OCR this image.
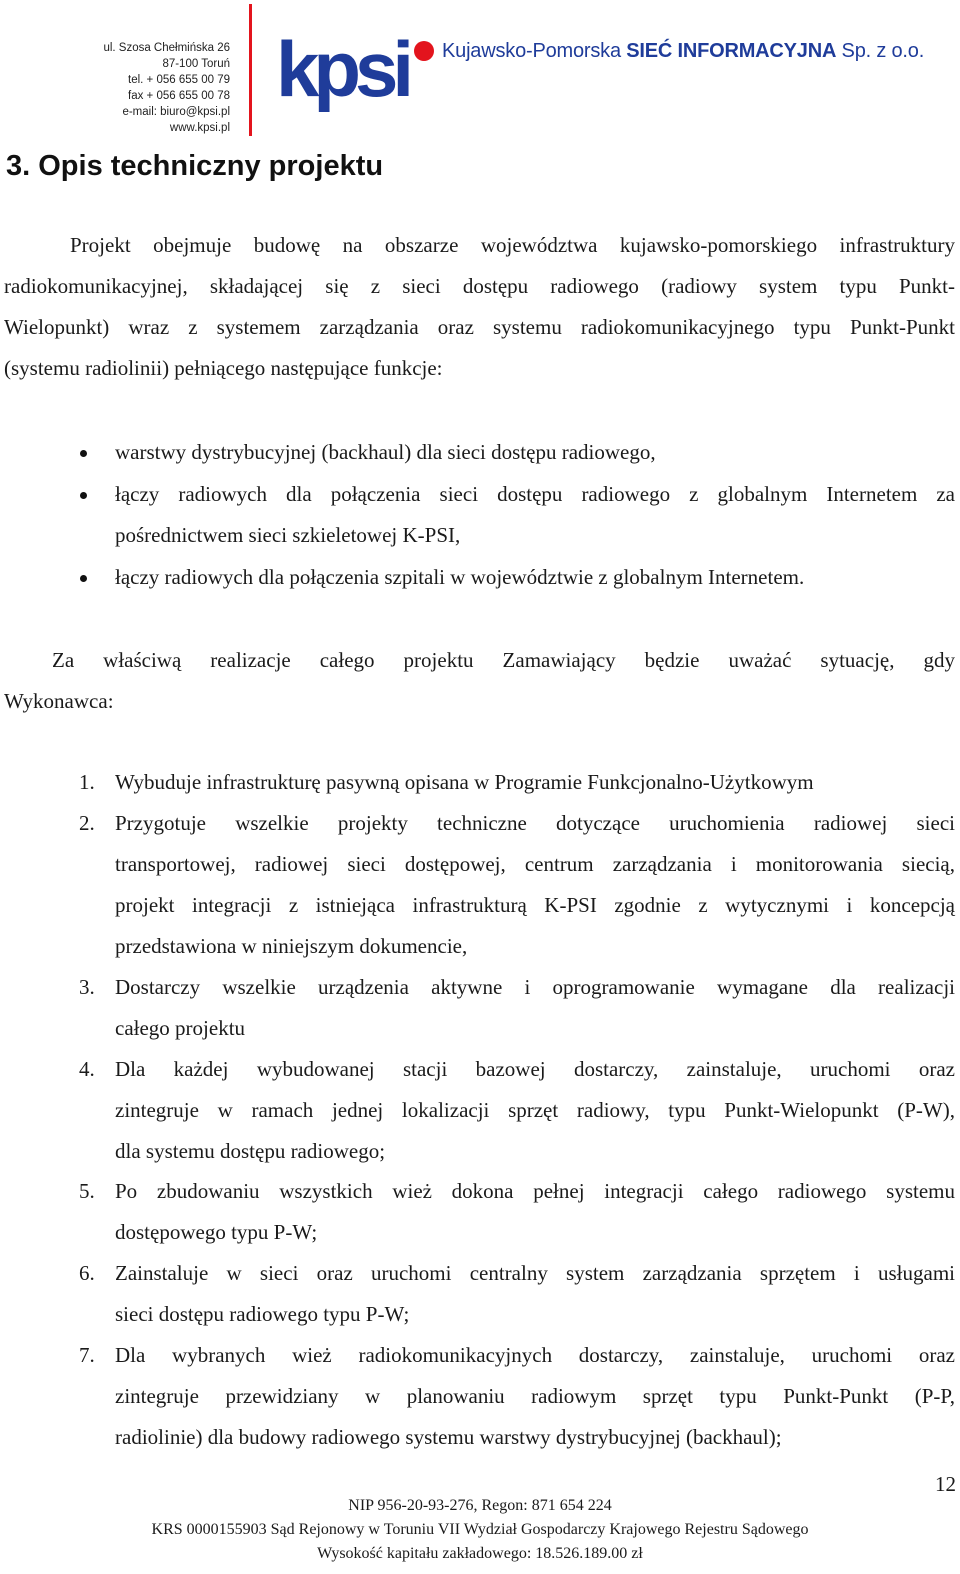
ul. Szosa Chełmińska 26
87-100 Toruń
tel. + 056 655 00 79
fax + 056 655 00 78
e-mail: biuro@kpsi.pl
www.kpsi.pl
kpsi Kujawsko-Pomorska SIEĆ INFORMACYJNA Sp. z o.o.
3. Opis techniczny projektu
Projekt obejmuje budowę na obszarze województwa kujawsko-pomorskiego infrastruktury
radiokomunikacyjnej, składającej się z sieci dostępu radiowego (radiowy system typu Punkt-
Wielopunkt) wraz z systemem zarządzania oraz systemu radiokomunikacyjnego typu Punkt-Punkt
(systemu radiolinii) pełniącego następujące funkcje:
warstwy dystrybucyjnej (backhaul) dla sieci dostępu radiowego,
łączy radiowych dla połączenia sieci dostępu radiowego z globalnym Internetem za
pośrednictwem sieci szkieletowej K-PSI,
łączy radiowych dla połączenia szpitali w województwie z globalnym Internetem.
Za właściwą realizacje całego projektu Zamawiający będzie uważać sytuację, gdy
Wykonawca:
1. Wybuduje infrastrukturę pasywną opisana w Programie Funkcjonalno-Użytkowym
2. Przygotuje wszelkie projekty techniczne dotyczące uruchomienia radiowej sieci
transportowej, radiowej sieci dostępowej, centrum zarządzania i monitorowania siecią,
projekt integracji z istniejąca infrastrukturą K-PSI zgodnie z wytycznymi i koncepcją
przedstawiona w niniejszym dokumencie,
3. Dostarczy wszelkie urządzenia aktywne i oprogramowanie wymagane dla realizacji
całego projektu
4. Dla każdej wybudowanej stacji bazowej dostarczy, zainstaluje, uruchomi oraz
zintegruje w ramach jednej lokalizacji sprzęt radiowy, typu Punkt-Wielopunkt (P-W),
dla systemu dostępu radiowego;
5. Po zbudowaniu wszystkich wież dokona pełnej integracji całego radiowego systemu
dostępowego typu P-W;
6. Zainstaluje w sieci oraz uruchomi centralny system zarządzania sprzętem i usługami
sieci dostępu radiowego typu P-W;
7. Dla wybranych wież radiokomunikacyjnych dostarczy, zainstaluje, uruchomi oraz
zintegruje przewidziany w planowaniu radiowym sprzęt typu Punkt-Punkt (P-P,
radiolinie) dla budowy radiowego systemu warstwy dystrybucyjnej (backhaul);
12
NIP 956-20-93-276, Regon: 871 654 224
KRS 0000155903 Sąd Rejonowy w Toruniu VII Wydział Gospodarczy Krajowego Rejestru Sądowego
Wysokość kapitału zakładowego: 18.526.189.00 zł
